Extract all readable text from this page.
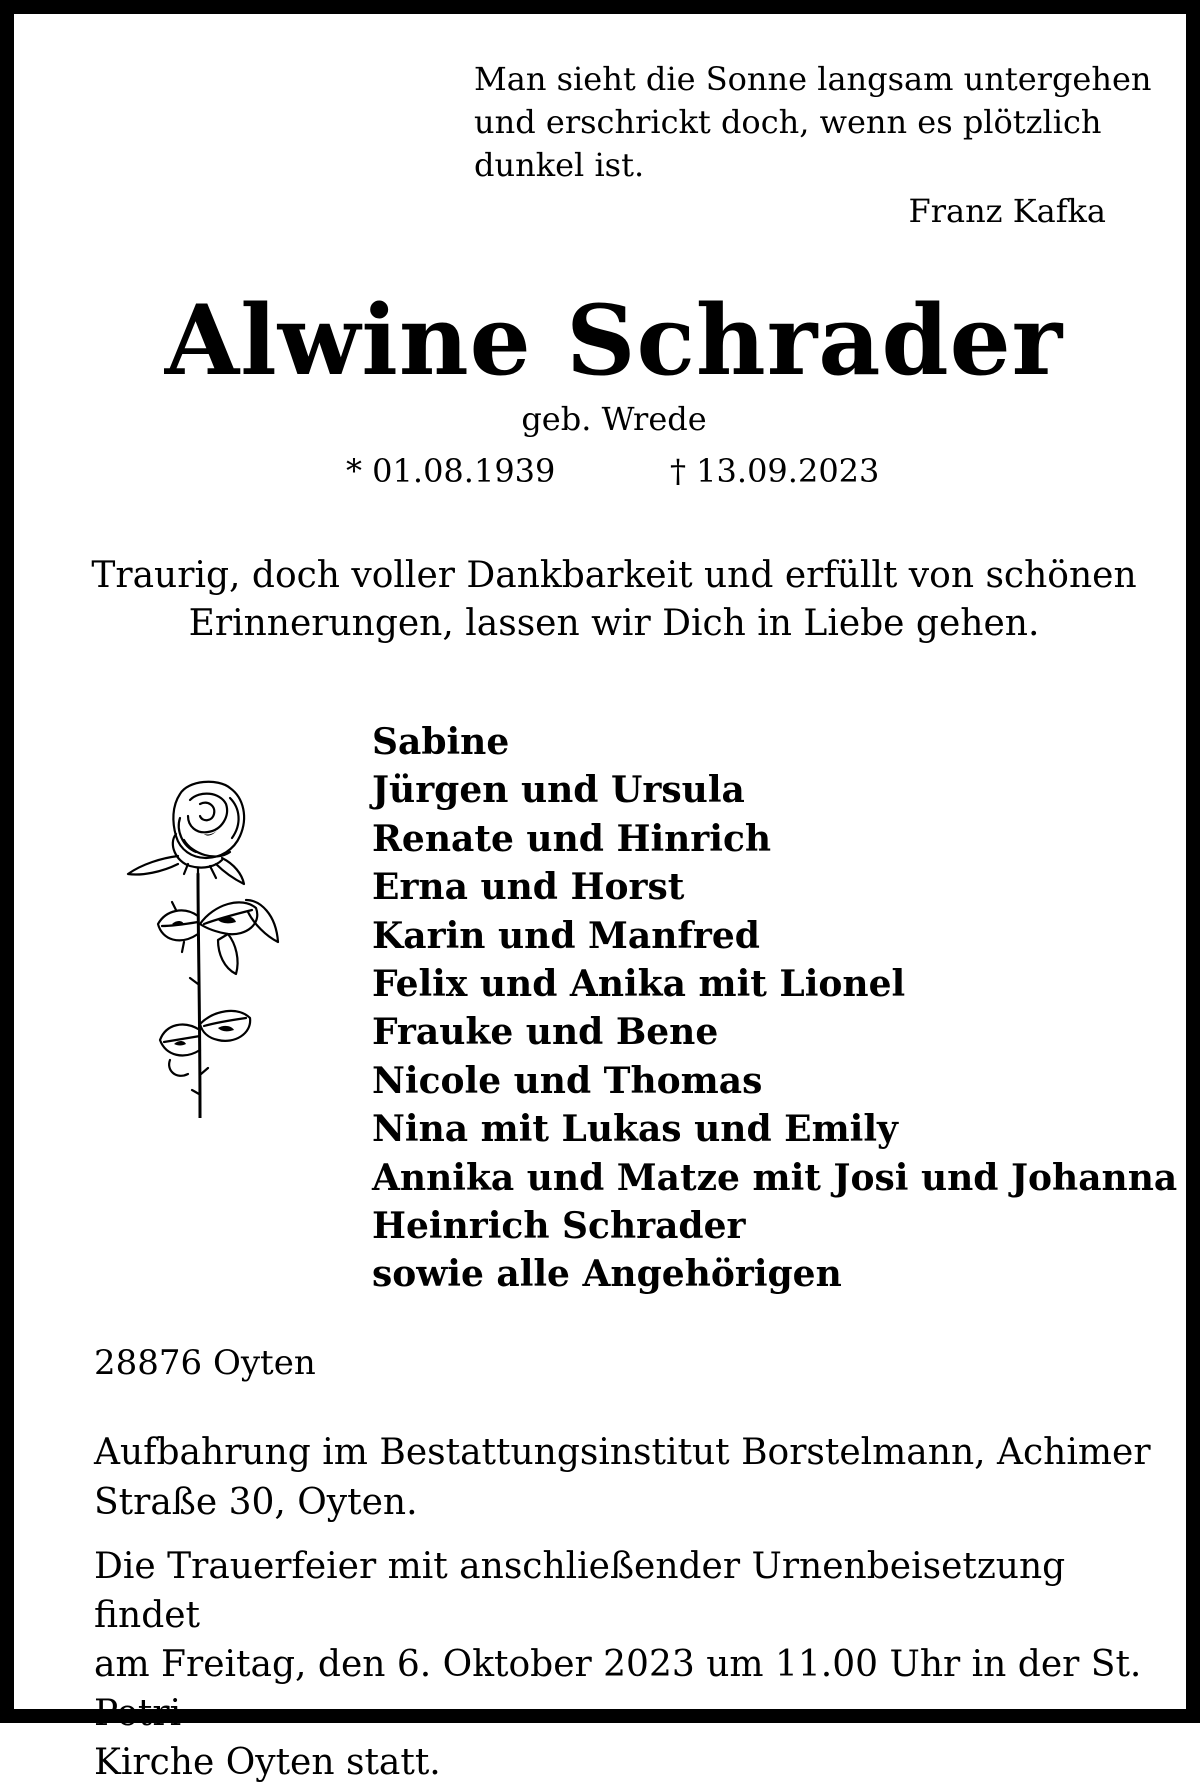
Man sieht die Sonne langsam untergehen
und erschrickt doch, wenn es plötzlich
dunkel ist.
Franz Kafka
Alwine Schrader
geb. Wrede
* 01.08.1939	† 13.09.2023
Traurig, doch voller Dankbarkeit und erfüllt von schönen
Erinnerungen, lassen wir Dich in Liebe gehen.
Sabine
Jürgen und Ursula
Renate und Hinrich
Erna und Horst
Karin und Manfred
Felix und Anika mit Lionel
Frauke und Bene
Nicole und Thomas
Nina mit Lukas und Emily
Annika und Matze mit Josi und Johanna
Heinrich Schrader
sowie alle Angehörigen
28876 Oyten
Aufbahrung im Bestattungsinstitut Borstelmann, Achimer
Straße 30, Oyten.
Die Trauerfeier mit anschließender Urnenbeisetzung findet
am Freitag, den 6. Oktober 2023 um 11.00 Uhr in der St. Petri
Kirche Oyten statt.
